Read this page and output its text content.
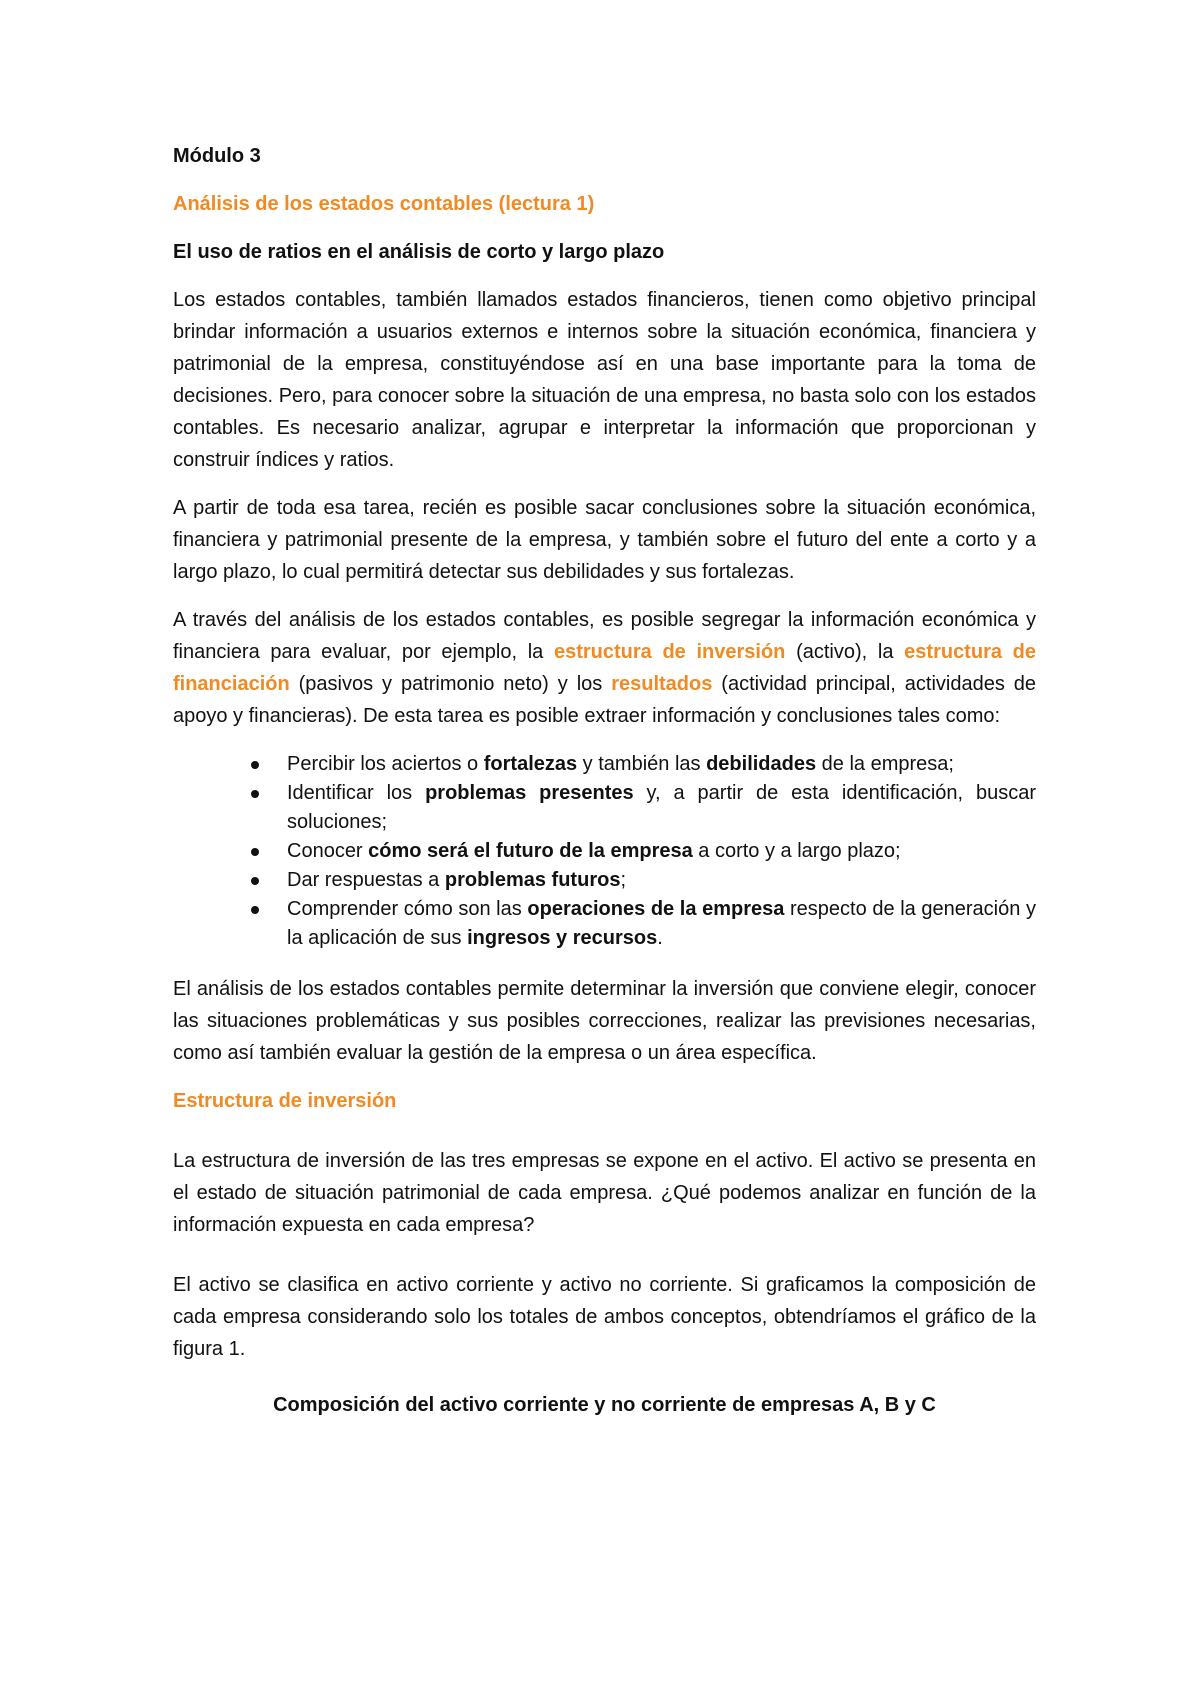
Módulo 3
Análisis de los estados contables (lectura 1)
El uso de ratios en el análisis de corto y largo plazo

Los estados contables, también llamados estados financieros, tienen como objetivo principal brindar información a usuarios externos e internos sobre la situación económica, financiera y patrimonial de la empresa, constituyéndose así en una base importante para la toma de decisiones. Pero, para conocer sobre la situación de una empresa, no basta solo con los estados contables. Es necesario analizar, agrupar e interpretar la información que proporcionan y construir índices y ratios.

A partir de toda esa tarea, recién es posible sacar conclusiones sobre la situación económica, financiera y patrimonial presente de la empresa, y también sobre el futuro del ente a corto y a largo plazo, lo cual permitirá detectar sus debilidades y sus fortalezas.

A través del análisis de los estados contables, es posible segregar la información económica y financiera para evaluar, por ejemplo, la estructura de inversión (activo), la estructura de financiación (pasivos y patrimonio neto) y los resultados (actividad principal, actividades de apoyo y financieras). De esta tarea es posible extraer información y conclusiones tales como:

Percibir los aciertos o fortalezas y también las debilidades de la empresa;
Identificar los problemas presentes y, a partir de esta identificación, buscar soluciones;
Conocer cómo será el futuro de la empresa a corto y a largo plazo;
Dar respuestas a problemas futuros;
Comprender cómo son las operaciones de la empresa respecto de la generación y la aplicación de sus ingresos y recursos.

El análisis de los estados contables permite determinar la inversión que conviene elegir, conocer las situaciones problemáticas y sus posibles correcciones, realizar las previsiones necesarias, como así también evaluar la gestión de la empresa o un área específica.

Estructura de inversión

La estructura de inversión de las tres empresas se expone en el activo. El activo se presenta en el estado de situación patrimonial de cada empresa. ¿Qué podemos analizar en función de la información expuesta en cada empresa?

El activo se clasifica en activo corriente y activo no corriente. Si graficamos la composición de cada empresa considerando solo los totales de ambos conceptos, obtendríamos el gráfico de la figura 1.

Composición del activo corriente y no corriente de empresas A, B y C
